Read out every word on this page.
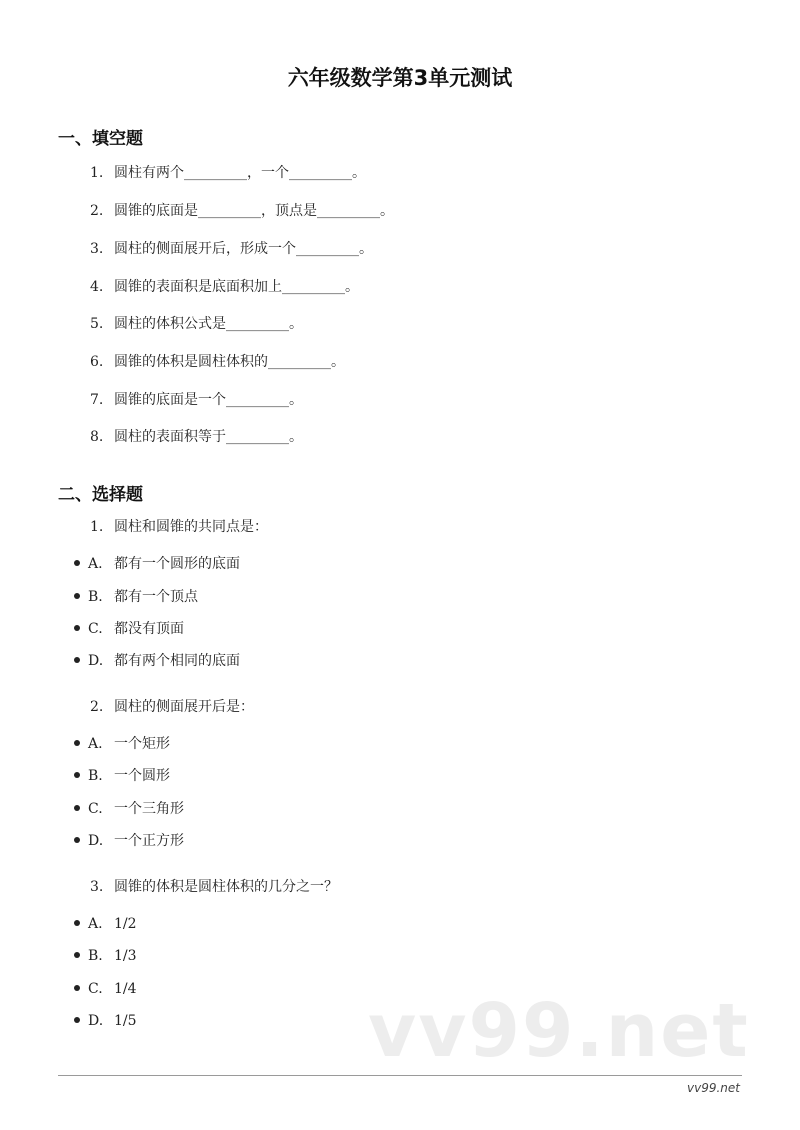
六年级数学第3单元测试
一、填空题
1. 圆柱有两个_________，一个_________。
2. 圆锥的底面是_________，顶点是_________。
3. 圆柱的侧面展开后，形成一个_________。
4. 圆锥的表面积是底面积加上_________。
5. 圆柱的体积公式是_________。
6. 圆锥的体积是圆柱体积的_________。
7. 圆锥的底面是一个_________。
8. 圆柱的表面积等于_________。
二、选择题
1. 圆柱和圆锥的共同点是：
A. 都有一个圆形的底面
B. 都有一个顶点
C. 都没有顶面
D. 都有两个相同的底面
2. 圆柱的侧面展开后是：
A. 一个矩形
B. 一个圆形
C. 一个三角形
D. 一个正方形
3. 圆锥的体积是圆柱体积的几分之一？
A. 1/2
B. 1/3
C. 1/4
D. 1/5	vv99.net
vv99.net
